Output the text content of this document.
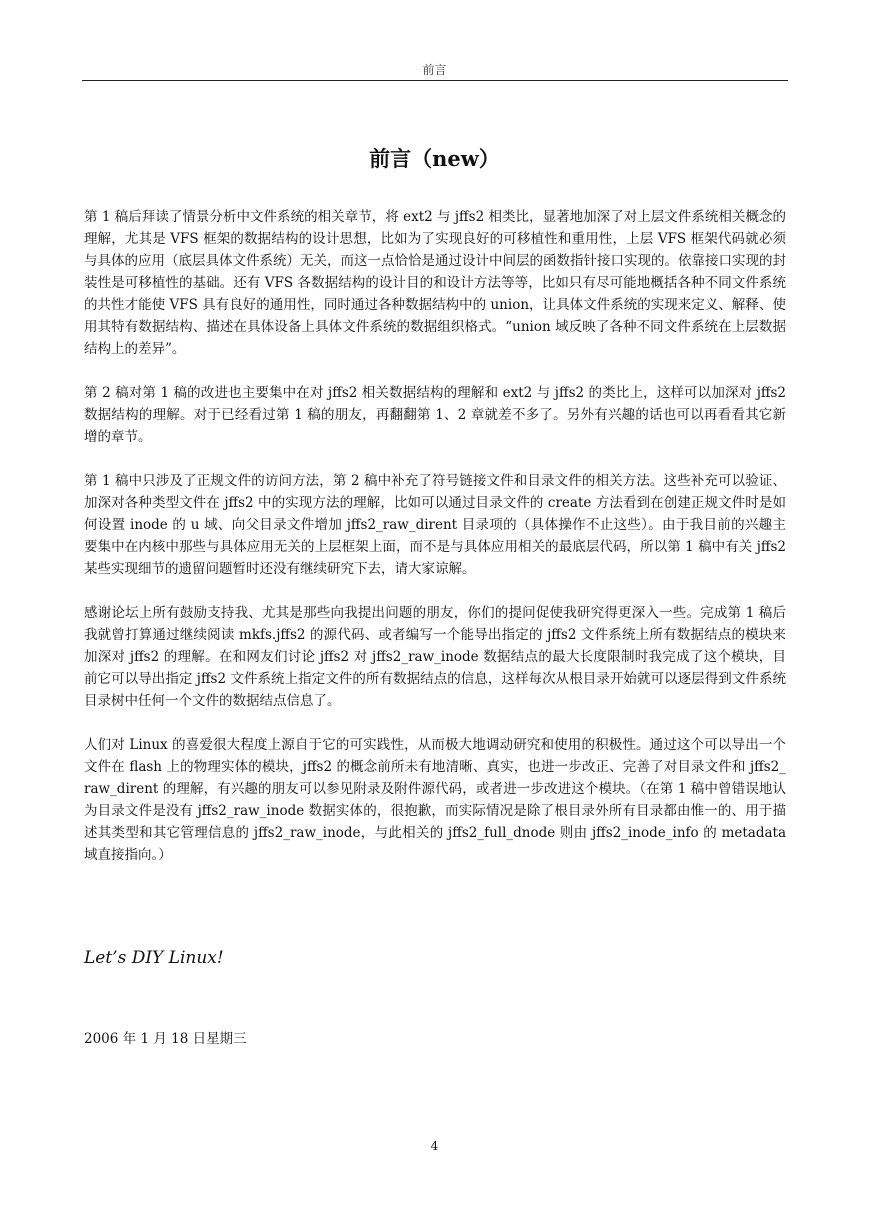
前言
前言（new）

第 1 稿后拜读了情景分析中文件系统的相关章节，将 ext2 与 jffs2 相类比，显著地加深了对上层文件系统相关概念的理解，尤其是 VFS 框架的数据结构的设计思想，比如为了实现良好的可移植性和重用性，上层 VFS 框架代码就必须与具体的应用（底层具体文件系统）无关，而这一点恰恰是通过设计中间层的函数指针接口实现的。依靠接口实现的封装性是可移植性的基础。还有 VFS 各数据结构的设计目的和设计方法等等，比如只有尽可能地概括各种不同文件系统的共性才能使 VFS 具有良好的通用性，同时通过各种数据结构中的 union，让具体文件系统的实现来定义、解释、使用其特有数据结构、描述在具体设备上具体文件系统的数据组织格式。“union 域反映了各种不同文件系统在上层数据结构上的差异”。

第 2 稿对第 1 稿的改进也主要集中在对 jffs2 相关数据结构的理解和 ext2 与 jffs2 的类比上，这样可以加深对 jffs2 数据结构的理解。对于已经看过第 1 稿的朋友，再翻翻第 1、2 章就差不多了。另外有兴趣的话也可以再看看其它新增的章节。

第 1 稿中只涉及了正规文件的访问方法，第 2 稿中补充了符号链接文件和目录文件的相关方法。这些补充可以验证、加深对各种类型文件在 jffs2 中的实现方法的理解，比如可以通过目录文件的 create 方法看到在创建正规文件时是如何设置 inode 的 u 域、向父目录文件增加 jffs2_raw_dirent 目录项的（具体操作不止这些）。由于我目前的兴趣主要集中在内核中那些与具体应用无关的上层框架上面，而不是与具体应用相关的最底层代码，所以第 1 稿中有关 jffs2 某些实现细节的遗留问题暂时还没有继续研究下去，请大家谅解。

感谢论坛上所有鼓励支持我、尤其是那些向我提出问题的朋友，你们的提问促使我研究得更深入一些。完成第 1 稿后我就曾打算通过继续阅读 mkfs.jffs2 的源代码、或者编写一个能导出指定的 jffs2 文件系统上所有数据结点的模块来加深对 jffs2 的理解。在和网友们讨论 jffs2 对 jffs2_raw_inode 数据结点的最大长度限制时我完成了这个模块，目前它可以导出指定 jffs2 文件系统上指定文件的所有数据结点的信息，这样每次从根目录开始就可以逐层得到文件系统目录树中任何一个文件的数据结点信息了。

人们对 Linux 的喜爱很大程度上源自于它的可实践性，从而极大地调动研究和使用的积极性。通过这个可以导出一个文件在 flash 上的物理实体的模块，jffs2 的概念前所未有地清晰、真实，也进一步改正、完善了对目录文件和 jffs2_raw_dirent 的理解，有兴趣的朋友可以参见附录及附件源代码，或者进一步改进这个模块。（在第 1 稿中曾错误地认为目录文件是没有 jffs2_raw_inode 数据实体的，很抱歉，而实际情况是除了根目录外所有目录都由惟一的、用于描述其类型和其它管理信息的 jffs2_raw_inode，与此相关的 jffs2_full_dnode 则由 jffs2_inode_info 的 metadata 域直接指向。）

Let’s DIY Linux!
2006 年 1 月 18 日星期三
4
